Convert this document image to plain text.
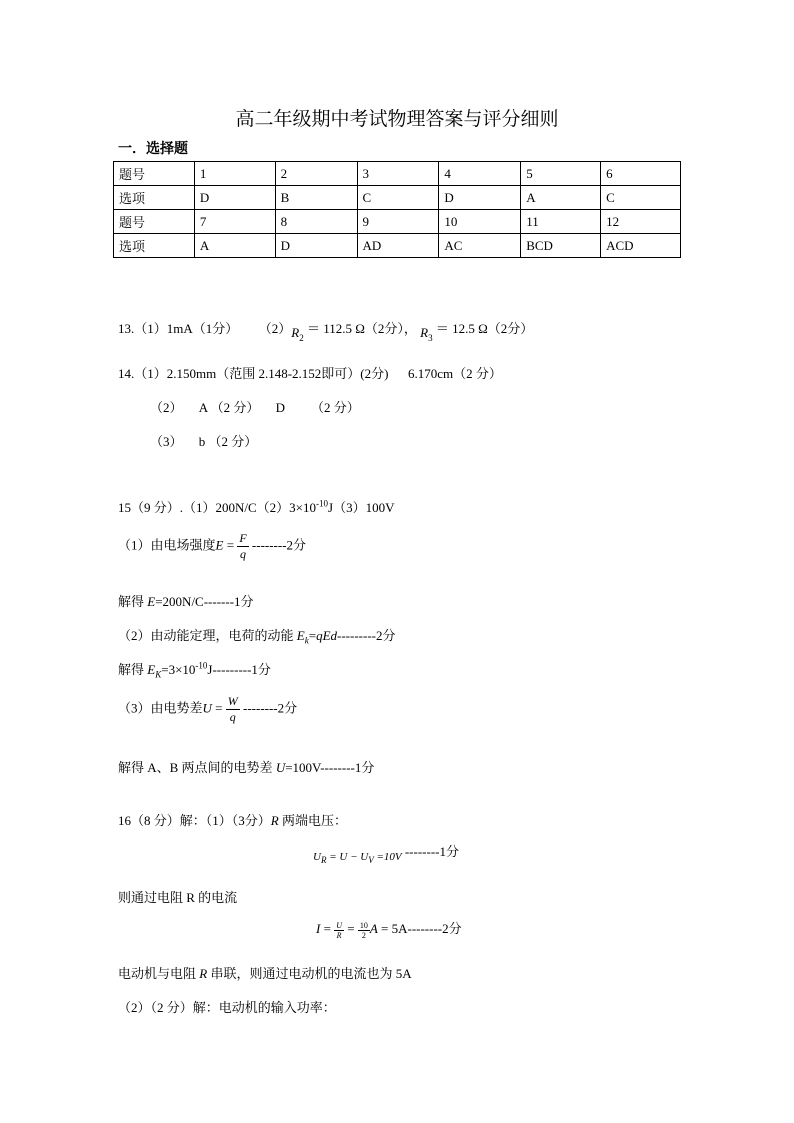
高二年级期中考试物理答案与评分细则
一．选择题
题号	1	2	3	4	5	6
选项	D	B	C	D	A	C
题号	7	8	9	10	11	12
选项	A	D	AD	AC	BCD	ACD
13.（1）1mA（1分） $(2)R_2 = 112.5$ Ω（2分）， $R_3 = 12.5$ Ω（2分）
14.（1）2.150mm（范围 2.148-2.152即可）(2分)      6.170cm（2 分）
（2）     A （2 分）     D        （2 分）
（3）     b （2 分）
15（9 分）$.(1)200N/C(2)3\times 10^{-10}J(3)100V$
（1）由电场强度$E = \frac{F}{q} --------2$分
解得 E=200N/C-------1分
（2）由动能定理，电荷的动能 $E_k=qEd---------2$分
解得 $E_K=3\times 10^{-10}J---------1$分
（3）由电势差$U = \frac{W}{q} --------2$分
解得 A、B 两点间的电势差 U=100V--------1分
16（8 分）解：（1）（3分）R 两端电压：
$U_R = U - U_V =10V$ --------1分
则通过电阻 R 的电流
$I = \frac{U}{R} = \frac{10}{2}$ A = 5A--------2分
电动机与电阻 R 串联，则通过电动机的电流也为 5A
（2）（2 分）解：电动机的输入功率：
